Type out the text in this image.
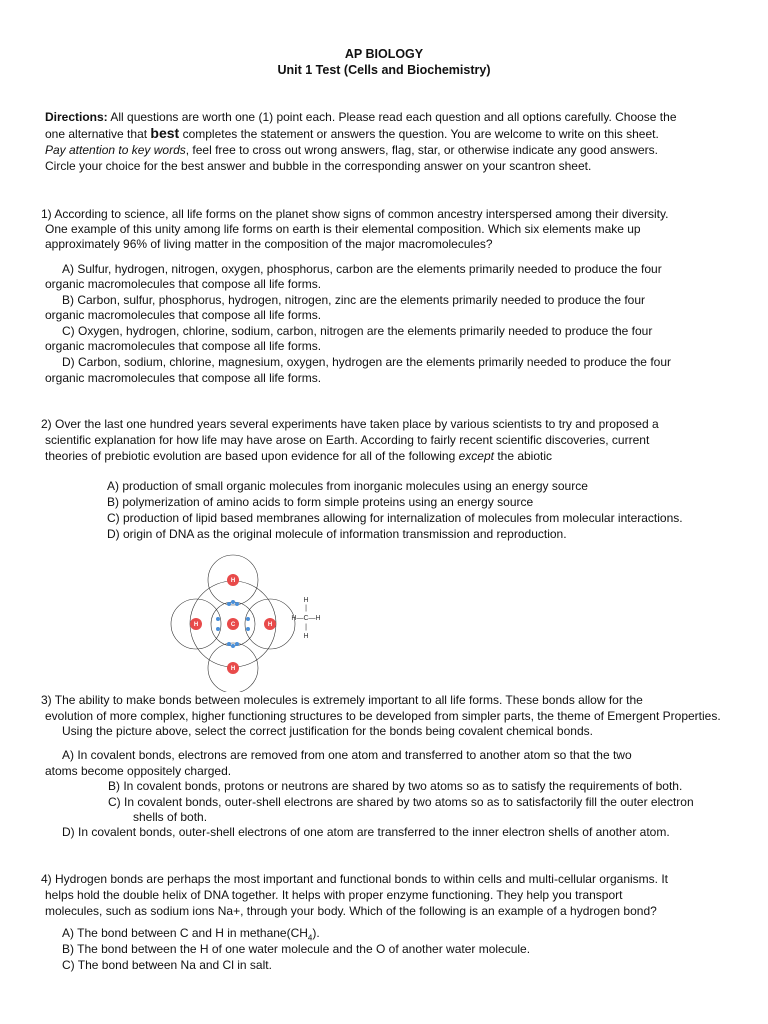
AP BIOLOGY
Unit 1 Test (Cells and Biochemistry)
Directions: All questions are worth one (1) point each. Please read each question and all options carefully. Choose the
one alternative that best completes the statement or answers the question. You are welcome to write on this sheet.
Pay attention to key words, feel free to cross out wrong answers, flag, star, or otherwise indicate any good answers.
Circle your choice for the best answer and bubble in the corresponding answer on your scantron sheet.
1) According to science, all life forms on the planet show signs of common ancestry interspersed among their diversity.
One example of this unity among life forms on earth is their elemental composition. Which six elements make up
approximately 96% of living matter in the composition of the major macromolecules?
A) Sulfur, hydrogen, nitrogen, oxygen, phosphorus, carbon are the elements primarily needed to produce the four
organic macromolecules that compose all life forms.
B) Carbon, sulfur, phosphorus, hydrogen, nitrogen, zinc are the elements primarily needed to produce the four
organic macromolecules that compose all life forms.
C) Oxygen, hydrogen, chlorine, sodium, carbon, nitrogen are the elements primarily needed to produce the four
organic macromolecules that compose all life forms.
D) Carbon, sodium, chlorine, magnesium, oxygen, hydrogen are the elements primarily needed to produce the four
organic macromolecules that compose all life forms.
2) Over the last one hundred years several experiments have taken place by various scientists to try and proposed a
scientific explanation for how life may have arose on Earth. According to fairly recent scientific discoveries, current
theories of prebiotic evolution are based upon evidence for all of the following except the abiotic
A) production of small organic molecules from inorganic molecules using an energy source
B) polymerization of amino acids to form simple proteins using an energy source
C) production of lipid based membranes allowing for internalization of molecules from molecular interactions.
D) origin of DNA as the original molecule of information transmission and reproduction.
H
H
H	H
C
H
|
H—C—H
|
H
3) The ability to make bonds between molecules is extremely important to all life forms. These bonds allow for the
evolution of more complex, higher functioning structures to be developed from simpler parts, the theme of Emergent Properties.
Using the picture above, select the correct justification for the bonds being covalent chemical bonds.
A) In covalent bonds, electrons are removed from one atom and transferred to another atom so that the two
atoms become oppositely charged.
B) In covalent bonds, protons or neutrons are shared by two atoms so as to satisfy the requirements of both.
C) In covalent bonds, outer-shell electrons are shared by two atoms so as to satisfactorily fill the outer electron
shells of both.
D) In covalent bonds, outer-shell electrons of one atom are transferred to the inner electron shells of another atom.
4) Hydrogen bonds are perhaps the most important and functional bonds to within cells and multi-cellular organisms. It
helps hold the double helix of DNA together. It helps with proper enzyme functioning. They help you transport
molecules, such as sodium ions Na+, through your body. Which of the following is an example of a hydrogen bond?
A) The bond between C and H in $methane(CH_4)$.
B) The bond between the H of one water molecule and the O of another water molecule.
C) The bond between Na and Cl in salt.
